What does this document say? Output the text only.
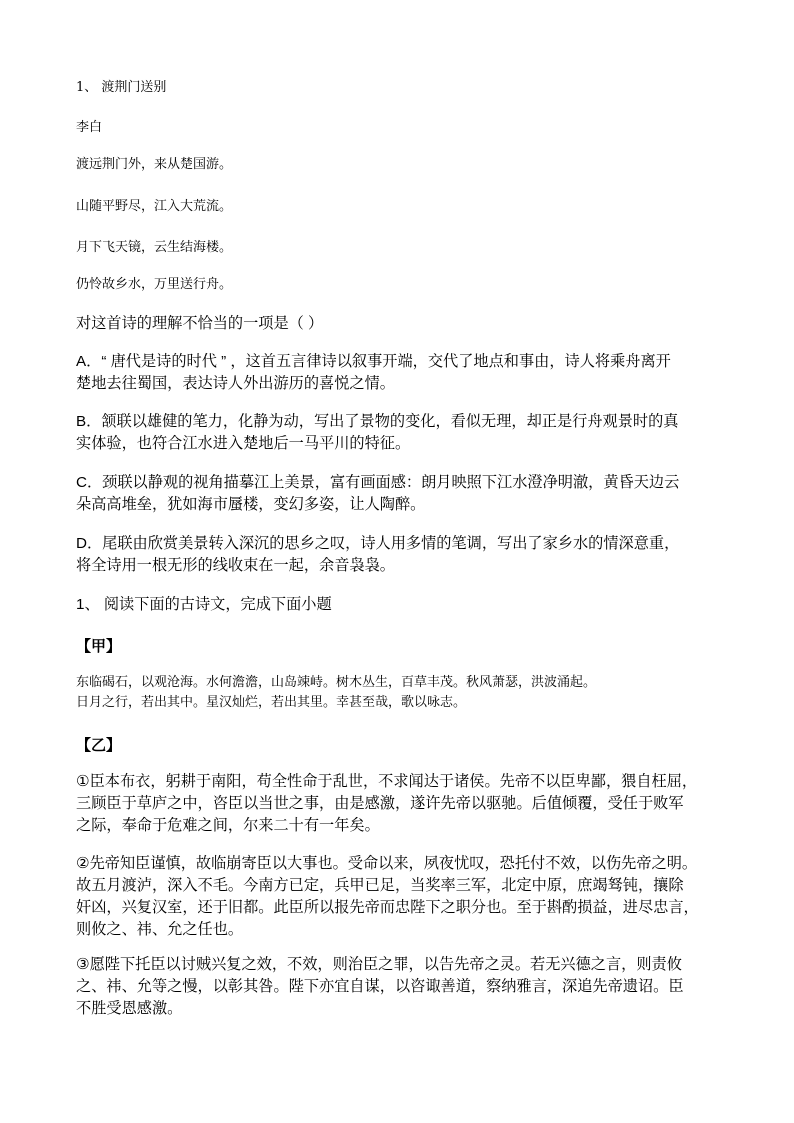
1、 渡荆门送别
李白
渡远荆门外，来从楚国游。
山随平野尽，江入大荒流。
月下飞天镜，云生结海楼。
仍怜故乡水，万里送行舟。
对这首诗的理解不恰当的一项是（ ）
A．“ 唐代是诗的时代 ” ，这首五言律诗以叙事开端，交代了地点和事由，诗人将乘舟离开
楚地去往蜀国，表达诗人外出游历的喜悦之情。
B．颔联以雄健的笔力，化静为动，写出了景物的变化，看似无理，却正是行舟观景时的真
实体验，也符合江水进入楚地后一马平川的特征。
C．颈联以静观的视角描摹江上美景，富有画面感：朗月映照下江水澄净明澈，黄昏天边云
朵高高堆垒，犹如海市蜃楼，变幻多姿，让人陶醉。
D．尾联由欣赏美景转入深沉的思乡之叹，诗人用多情的笔调，写出了家乡水的情深意重，
将全诗用一根无形的线收束在一起，余音袅袅。
1、 阅读下面的古诗文，完成下面小题
【甲】
东临碣石，以观沧海。水何澹澹，山岛竦峙。树木丛生，百草丰茂。秋风萧瑟，洪波涌起。
日月之行，若出其中。星汉灿烂，若出其里。幸甚至哉，歌以咏志。
【乙】
①臣本布衣，躬耕于南阳，苟全性命于乱世，不求闻达于诸侯。先帝不以臣卑鄙，猥自枉屈，
三顾臣于草庐之中，咨臣以当世之事，由是感激，遂许先帝以驱驰。后值倾覆，受任于败军
之际，奉命于危难之间，尔来二十有一年矣。
②先帝知臣谨慎，故临崩寄臣以大事也。受命以来，夙夜忧叹，恐托付不效，以伤先帝之明。
故五月渡泸，深入不毛。今南方已定，兵甲已足，当奖率三军，北定中原，庶竭驽钝，攘除
奸凶，兴复汉室，还于旧都。此臣所以报先帝而忠陛下之职分也。至于斟酌损益，进尽忠言，
则攸之、祎、允之任也。
③愿陛下托臣以讨贼兴复之效，不效，则治臣之罪，以告先帝之灵。若无兴德之言，则责攸
之、祎、允等之慢，以彰其咎。陛下亦宜自谋，以咨诹善道，察纳雅言，深追先帝遗诏。臣
不胜受恩感激。
